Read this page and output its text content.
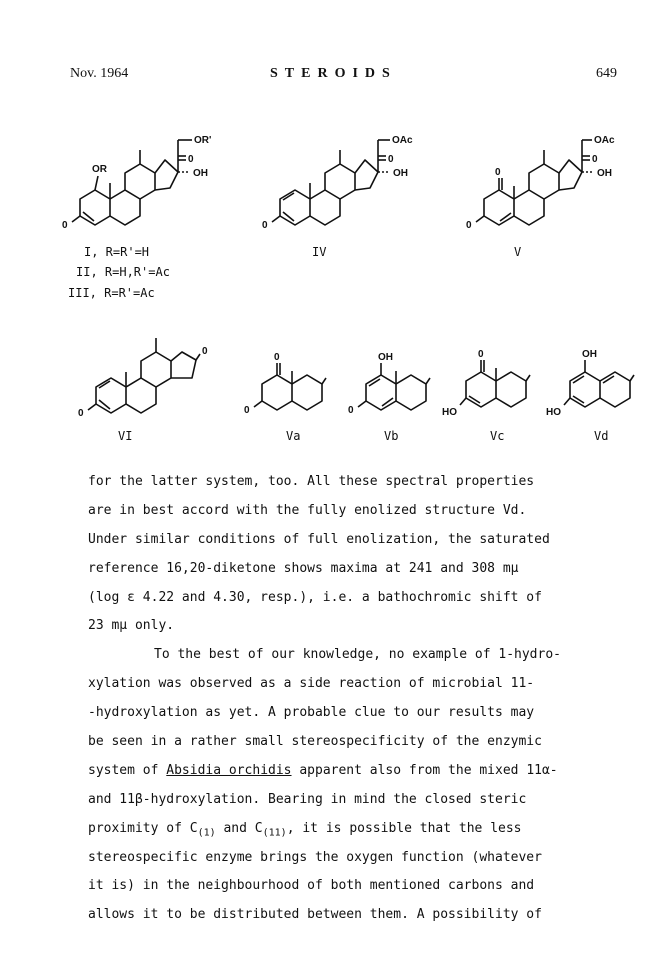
Nov. 1964	STEROIDS	649
OR'
0
OH
OR
0
I, R=R'=H
II, R=H,R'=Ac
III, R=R'=Ac
OAc
0
OH
0
IV
OAc
0
OH
0
0
V
0
0
VI
0
0
Va
OH
0
Vb
0
HO
Vc
OH
HO
Vd
for the latter system, too. All these spectral properties
are in best accord with the fully enolized structure Vd.
Under similar conditions of full enolization, the saturated
reference 16,20-diketone shows maxima at 241 and 308 mµ
(log ε 4.22 and 4.30, resp.), i.e. a bathochromic shift of
23 mµ only.
To the best of our knowledge, no example of 1-hydro-
xylation was observed as a side reaction of microbial 11-
-hydroxylation as yet. A probable clue to our results may
be seen in a rather small stereospecificity of the enzymic
system of Absidia orchidis apparent also from the mixed 11α-
and 11β-hydroxylation. Bearing in mind the closed steric
proximity of $C_{(1)}$ and $C_{(11)}$, it is possible that the less
stereospecific enzyme brings the oxygen function (whatever
it is) in the neighbourhood of both mentioned carbons and
allows it to be distributed between them. A possibility of
